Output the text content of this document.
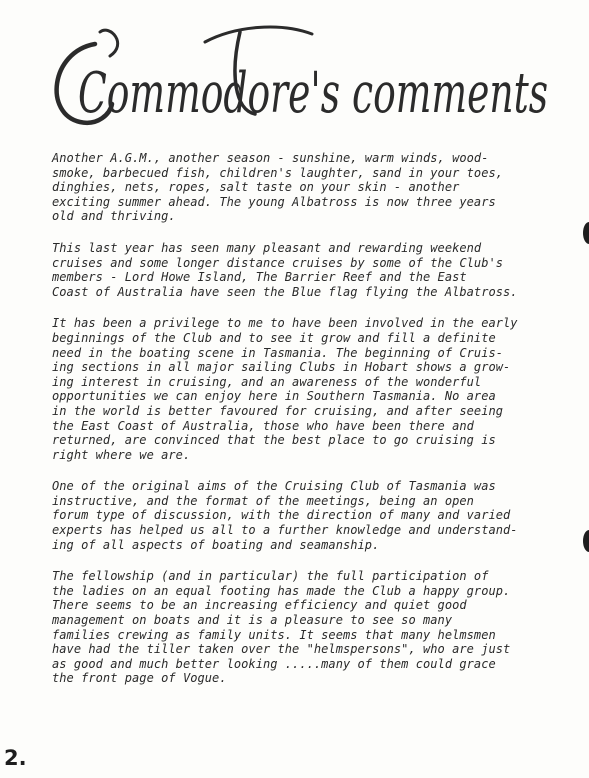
Commodore's comments

Another A.G.M., another season - sunshine, warm winds, wood-
smoke, barbecued fish, children's laughter, sand in your toes,
dinghies, nets, ropes, salt taste on your skin - another
exciting summer ahead. The young Albatross is now three years
old and thriving.

This last year has seen many pleasant and rewarding weekend
cruises and some longer distance cruises by some of the Club's
members - Lord Howe Island, The Barrier Reef and the East
Coast of Australia have seen the Blue flag flying the Albatross.

It has been a privilege to me to have been involved in the early
beginnings of the Club and to see it grow and fill a definite
need in the boating scene in Tasmania. The beginning of Cruis-
ing sections in all major sailing Clubs in Hobart shows a grow-
ing interest in cruising, and an awareness of the wonderful
opportunities we can enjoy here in Southern Tasmania. No area
in the world is better favoured for cruising, and after seeing
the East Coast of Australia, those who have been there and
returned, are convinced that the best place to go cruising is
right where we are.

One of the original aims of the Cruising Club of Tasmania was
instructive, and the format of the meetings, being an open
forum type of discussion, with the direction of many and varied
experts has helped us all to a further knowledge and understand-
ing of all aspects of boating and seamanship.

The fellowship (and in particular) the full participation of
the ladies on an equal footing has made the Club a happy group.
There seems to be an increasing efficiency and quiet good
management on boats and it is a pleasure to see so many
families crewing as family units. It seems that many helmsmen
have had the tiller taken over the "helmspersons", who are just
as good and much better looking .....many of them could grace
the front page of Vogue.

2.
